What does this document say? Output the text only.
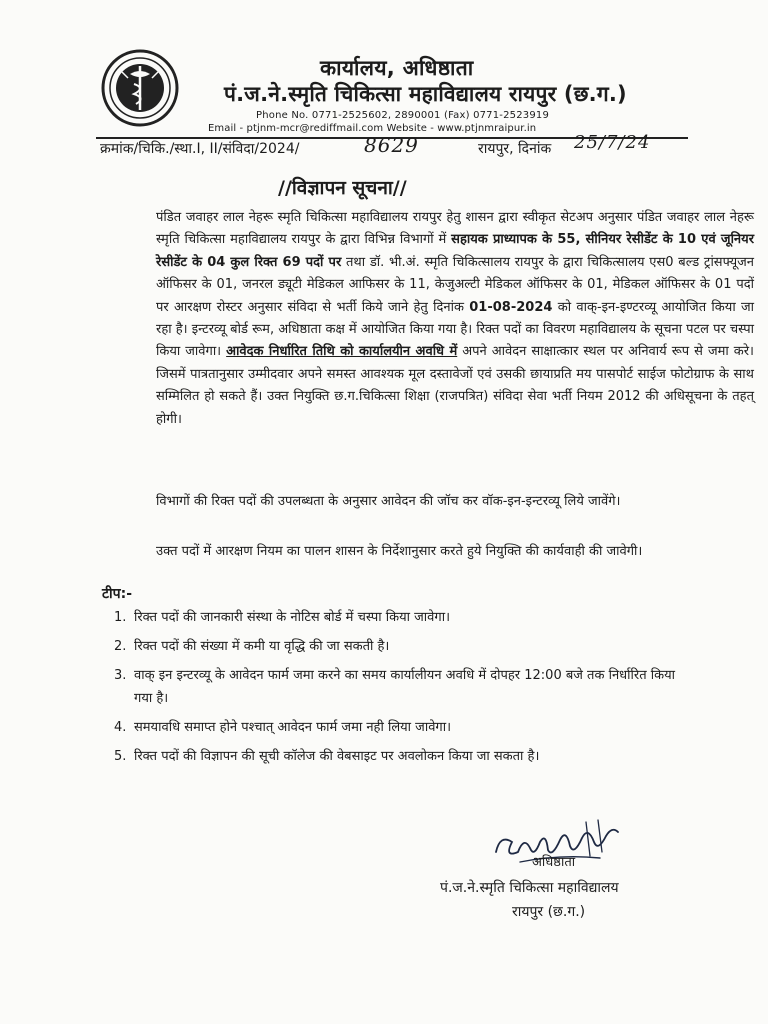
कार्यालय, अधिष्ठाता
पं.ज.ने.स्मृति चिकित्सा महाविद्यालय रायपुर (छ.ग.)
Phone No. 0771-2525602, 2890001 (Fax) 0771-2523919
Email - ptjnm-mcr@rediffmail.com Website - www.ptjnmraipur.in
क्रमांक/चिकि./स्था.I, II/संविदा/2024/	8629	रायपुर, दिनांक 25/7/24
//विज्ञापन सूचना//
पंडित जवाहर लाल नेहरू स्मृति चिकित्सा महाविद्यालय रायपुर हेतु शासन द्वारा स्वीकृत सेटअप अनुसार पंडित जवाहर लाल नेहरू स्मृति चिकित्सा महाविद्यालय रायपुर के द्वारा विभिन्न विभागों में सहायक प्राध्यापक के 55, सीनियर रेसीडेंट के 10 एवं जूनियर रेसीडेंट के 04 कुल रिक्त 69 पदों पर तथा डॉ. भी.अं. स्मृति चिकित्सालय रायपुर के द्वारा चिकित्सालय एस0 बल्ड ट्रांसफ्यूजन ऑफिसर के 01, जनरल ड्यूटी मेडिकल आफिसर के 11, केजुअल्टी मेडिकल ऑफिसर के 01, मेडिकल ऑफिसर के 01 पदों पर आरक्षण रोस्टर अनुसार संविदा से भर्ती किये जाने हेतु दिनांक 01-08-2024 को वाक्-इन-इण्टरव्यू आयोजित किया जा रहा है। इन्टरव्यू बोर्ड रूम, अधिष्ठाता कक्ष में आयोजित किया गया है। रिक्त पदों का विवरण महाविद्यालय के सूचना पटल पर चस्पा किया जावेगा। आवेदक निर्धारित तिथि को कार्यालयीन अवधि में अपने आवेदन साक्षात्कार स्थल पर अनिवार्य रूप से जमा करे। जिसमें पात्रतानुसार उम्मीदवार अपने समस्त आवश्यक मूल दस्तावेजों एवं उसकी छायाप्रति मय पासपोर्ट साईज फोटोग्राफ के साथ सम्मिलित हो सकते हैं। उक्त नियुक्ति छ.ग.चिकित्सा शिक्षा (राजपत्रित) संविदा सेवा भर्ती नियम 2012 की अधिसूचना के तहत् होगी।
विभागों की रिक्त पदों की उपलब्धता के अनुसार आवेदन की जॉच कर वॉक-इन-इन्टरव्यू लिये जावेंगे।
उक्त पदों में आरक्षण नियम का पालन शासन के निर्देशानुसार करते हुये नियुक्ति की कार्यवाही की जावेगी।
टीप:-
1. रिक्त पदों की जानकारी संस्था के नोटिस बोर्ड में चस्पा किया जावेगा।
2. रिक्त पदों की संख्या में कमी या वृद्धि की जा सकती है।
3. वाक् इन इन्टरव्यू के आवेदन फार्म जमा करने का समय कार्यालीयन अवधि में दोपहर 12:00 बजे तक निर्धारित किया गया है।
4. समयावधि समाप्त होने पश्चात् आवेदन फार्म जमा नही लिया जावेगा।
5. रिक्त पदों की विज्ञापन की सूची कॉलेज की वेबसाइट पर अवलोकन किया जा सकता है।
अधिष्ठाता
पं.ज.ने.स्मृति चिकित्सा महाविद्यालय
रायपुर (छ.ग.)
